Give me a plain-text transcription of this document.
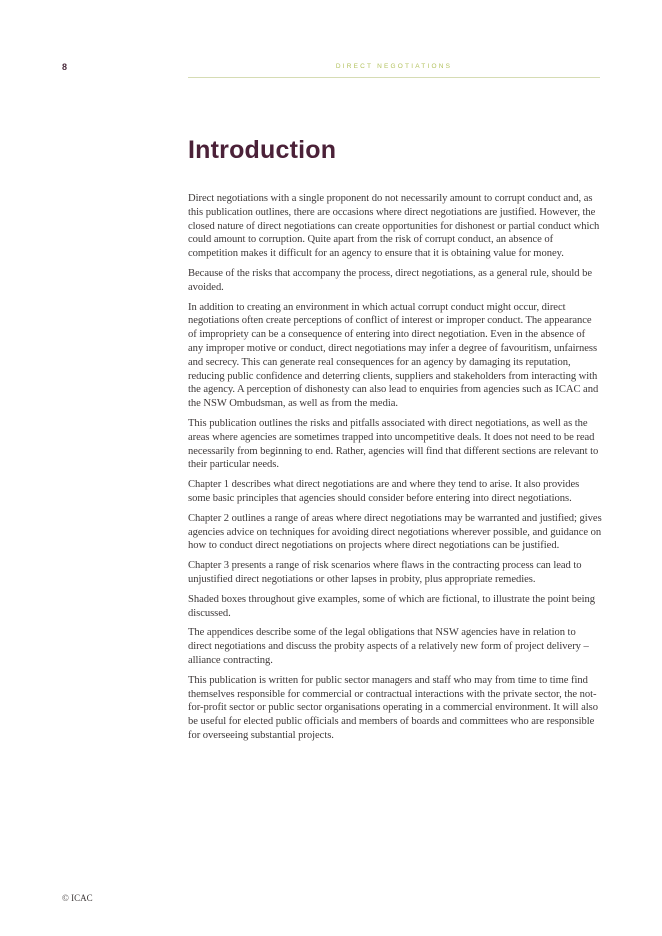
8	DIRECT NEGOTIATIONS
Introduction

Direct negotiations with a single proponent do not necessarily amount to corrupt conduct and, as this publication outlines, there are occasions where direct negotiations are justified. However, the closed nature of direct negotiations can create opportunities for dishonest or partial conduct which could amount to corruption. Quite apart from the risk of corrupt conduct, an absence of competition makes it difficult for an agency to ensure that it is obtaining value for money.

Because of the risks that accompany the process, direct negotiations, as a general rule, should be avoided.

In addition to creating an environment in which actual corrupt conduct might occur, direct negotiations often create perceptions of conflict of interest or improper conduct. The appearance of impropriety can be a consequence of entering into direct negotiation. Even in the absence of any improper motive or conduct, direct negotiations may infer a degree of favouritism, unfairness and secrecy. This can generate real consequences for an agency by damaging its reputation, reducing public confidence and deterring clients, suppliers and stakeholders from interacting with the agency. A perception of dishonesty can also lead to enquiries from agencies such as ICAC and the NSW Ombudsman, as well as from the media.

This publication outlines the risks and pitfalls associated with direct negotiations, as well as the areas where agencies are sometimes trapped into uncompetitive deals. It does not need to be read necessarily from beginning to end. Rather, agencies will find that different sections are relevant to their particular needs.

Chapter 1 describes what direct negotiations are and where they tend to arise. It also provides some basic principles that agencies should consider before entering into direct negotiations.

Chapter 2 outlines a range of areas where direct negotiations may be warranted and justified; gives agencies advice on techniques for avoiding direct negotiations wherever possible, and guidance on how to conduct direct negotiations on projects where direct negotiations can be justified.

Chapter 3 presents a range of risk scenarios where flaws in the contracting process can lead to unjustified direct negotiations or other lapses in probity, plus appropriate remedies.

Shaded boxes throughout give examples, some of which are fictional, to illustrate the point being discussed.

The appendices describe some of the legal obligations that NSW agencies have in relation to direct negotiations and discuss the probity aspects of a relatively new form of project delivery – alliance contracting.

This publication is written for public sector managers and staff who may from time to time find themselves responsible for commercial or contractual interactions with the private sector, the not-for-profit sector or public sector organisations operating in a commercial environment. It will also be useful for elected public officials and members of boards and committees who are responsible for overseeing substantial projects.

© ICAC
